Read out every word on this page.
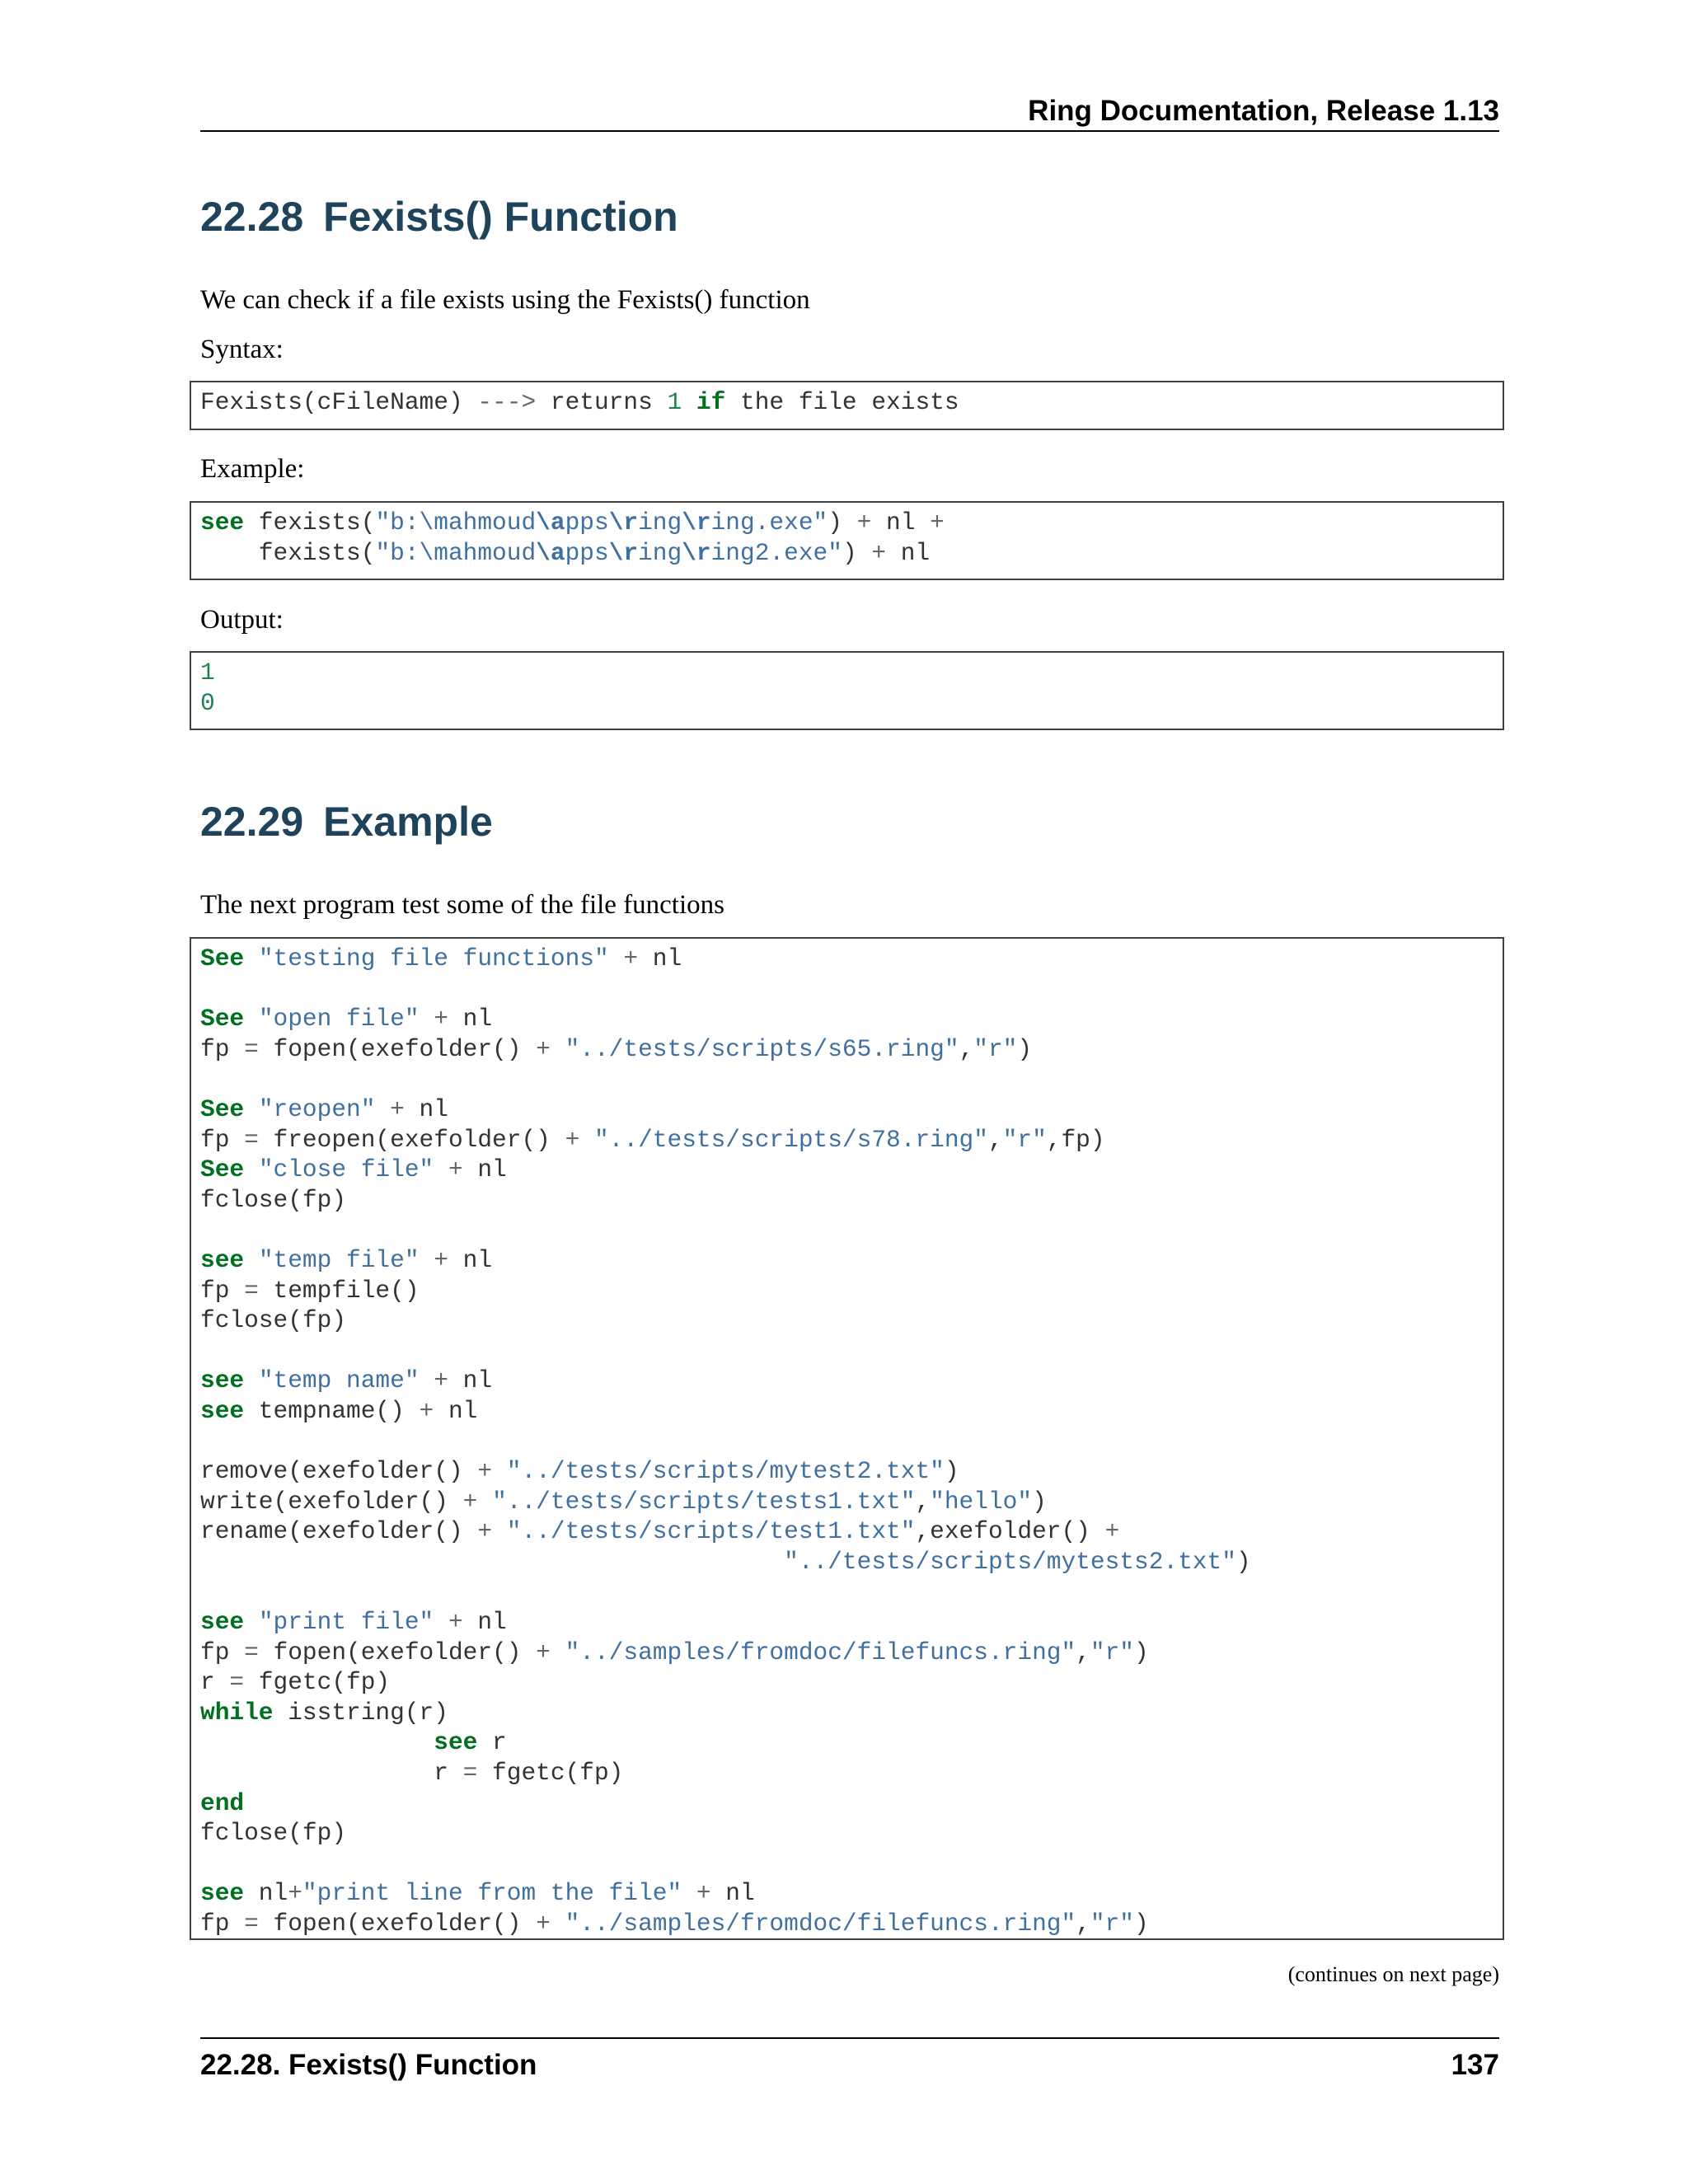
Ring Documentation, Release 1.13
22.28 Fexists() Function

We can check if a file exists using the Fexists() function

Syntax:

Fexists(cFileName) ---> returns 1 if the file exists

Example:

see fexists("b:\mahmoud\apps\ring\ring.exe") + nl +
fexists("b:\mahmoud\apps\ring\ring2.exe") + nl

Output:

1
0
22.29 Example

The next program test some of the file functions

See "testing file functions" + nl

See "open file" + nl
fp = fopen(exefolder() + "../tests/scripts/s65.ring","r")

See "reopen" + nl
fp = freopen(exefolder() + "../tests/scripts/s78.ring","r",fp)
See "close file" + nl
fclose(fp)

see "temp file" + nl
fp = tempfile()
fclose(fp)

see "temp name" + nl
see tempname() + nl

remove(exefolder() + "../tests/scripts/mytest2.txt")
write(exefolder() + "../tests/scripts/tests1.txt","hello")
rename(exefolder() + "../tests/scripts/test1.txt",exefolder() +
"../tests/scripts/mytests2.txt")

see "print file" + nl
fp = fopen(exefolder() + "../samples/fromdoc/filefuncs.ring","r")
r = fgetc(fp)
while isstring(r)
see r
r = fgetc(fp)
end
fclose(fp)

see nl+"print line from the file" + nl
fp = fopen(exefolder() + "../samples/fromdoc/filefuncs.ring","r")
(continues on next page)
22.28. Fexists() Function	137
